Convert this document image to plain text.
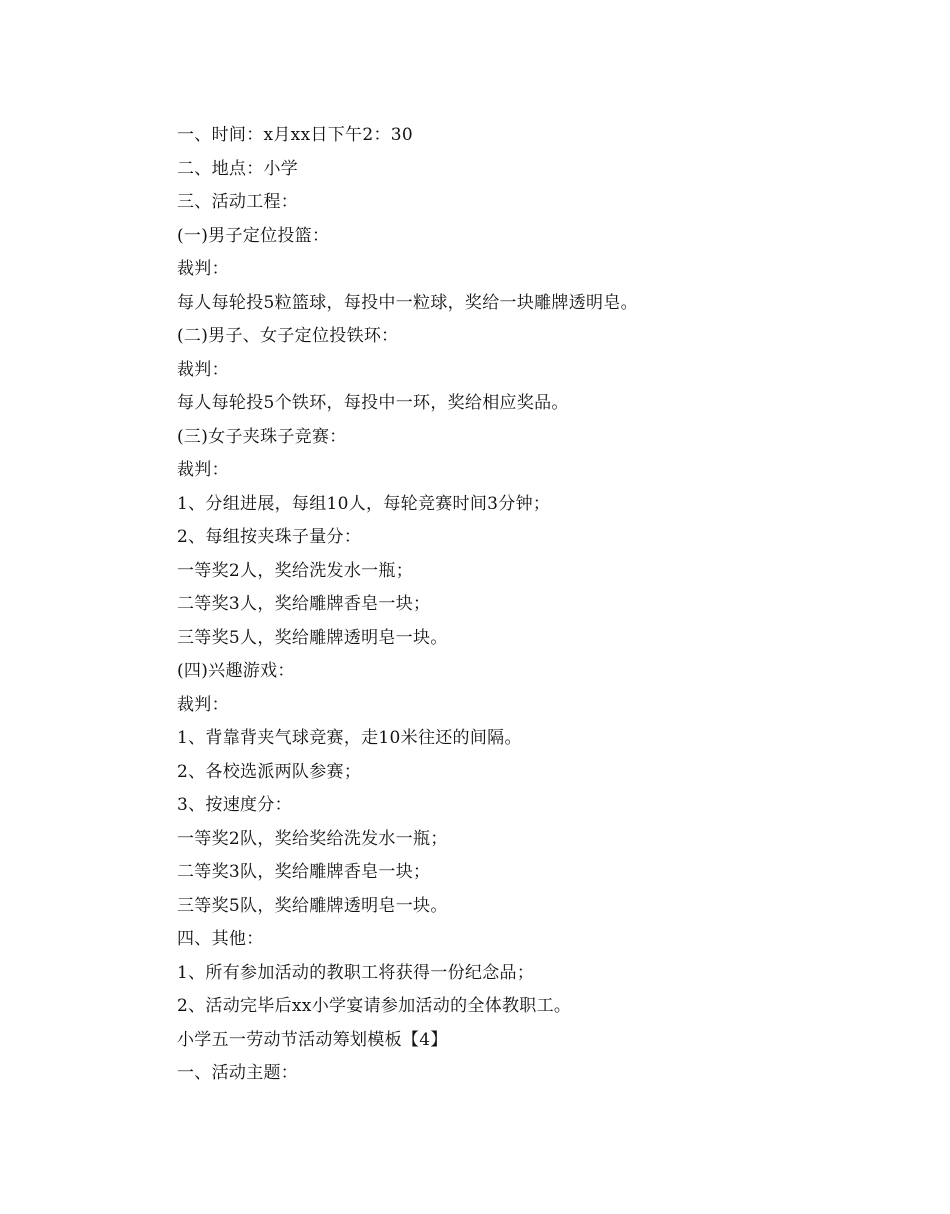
一、时间：x月xx日下午2：30
二、地点：小学
三、活动工程：
(一)男子定位投篮：
裁判：
每人每轮投5粒篮球，每投中一粒球，奖给一块雕牌透明皂。
(二)男子、女子定位投铁环：
裁判：
每人每轮投5个铁环，每投中一环，奖给相应奖品。
(三)女子夹珠子竞赛：
裁判：
1、分组进展，每组10人，每轮竞赛时间3分钟；
2、每组按夹珠子量分：
一等奖2人，奖给洗发水一瓶；
二等奖3人，奖给雕牌香皂一块；
三等奖5人，奖给雕牌透明皂一块。
(四)兴趣游戏：
裁判：
1、背靠背夹气球竞赛，走10米往还的间隔。
2、各校选派两队参赛；
3、按速度分：
一等奖2队，奖给奖给洗发水一瓶；
二等奖3队，奖给雕牌香皂一块；
三等奖5队，奖给雕牌透明皂一块。
四、其他：
1、所有参加活动的教职工将获得一份纪念品；
2、活动完毕后xx小学宴请参加活动的全体教职工。
小学五一劳动节活动筹划模板【4】
一、活动主题：
